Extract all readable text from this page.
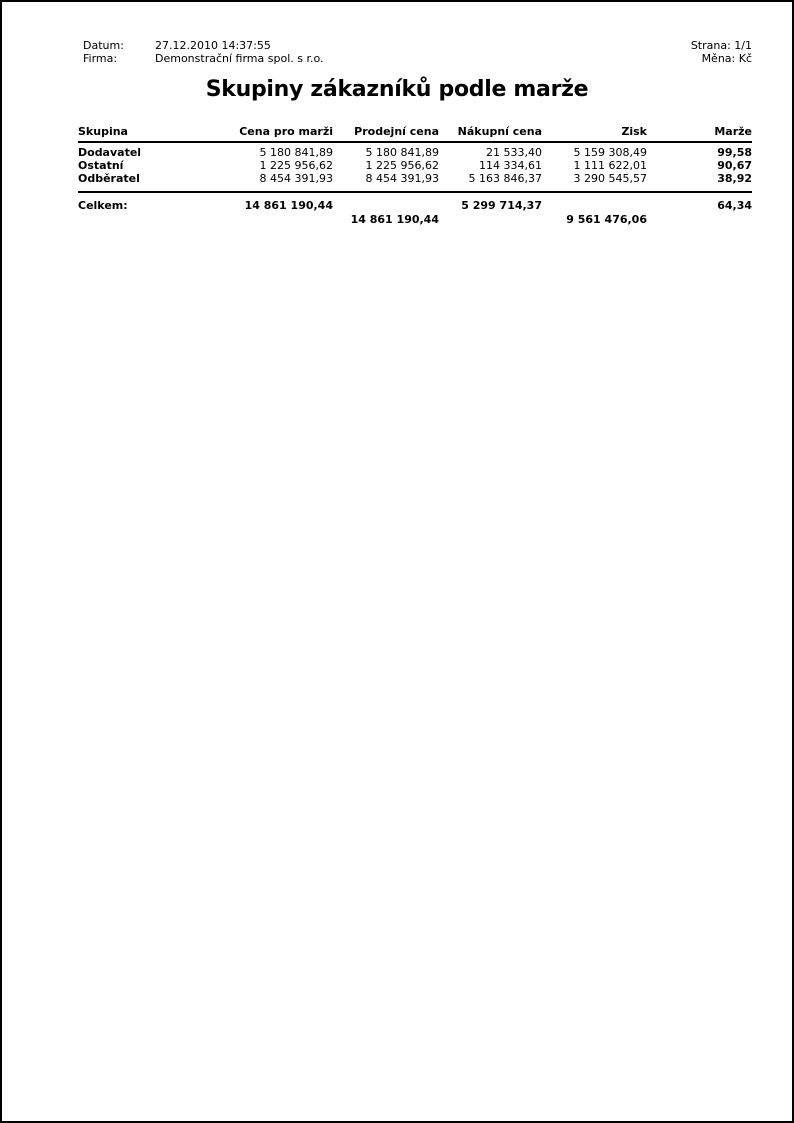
Datum:	27.12.2010 14:37:55
Firma:	Demonstrační firma spol. s r.o.
Strana: 1/1
Měna: Kč
Skupiny zákazníků podle marže
Skupina	Cena pro marži	Prodejní cena	Nákupní cena	Zisk	Marže
Dodavatel	5 180 841,89	5 180 841,89	21 533,40	5 159 308,49	99,58
Ostatní	1 225 956,62	1 225 956,62	114 334,61	1 111 622,01	90,67
Odběratel	8 454 391,93	8 454 391,93	5 163 846,37	3 290 545,57	38,92

Celkem:	14 861 190,44		5 299 714,37		64,34
		14 861 190,44		9 561 476,06	
